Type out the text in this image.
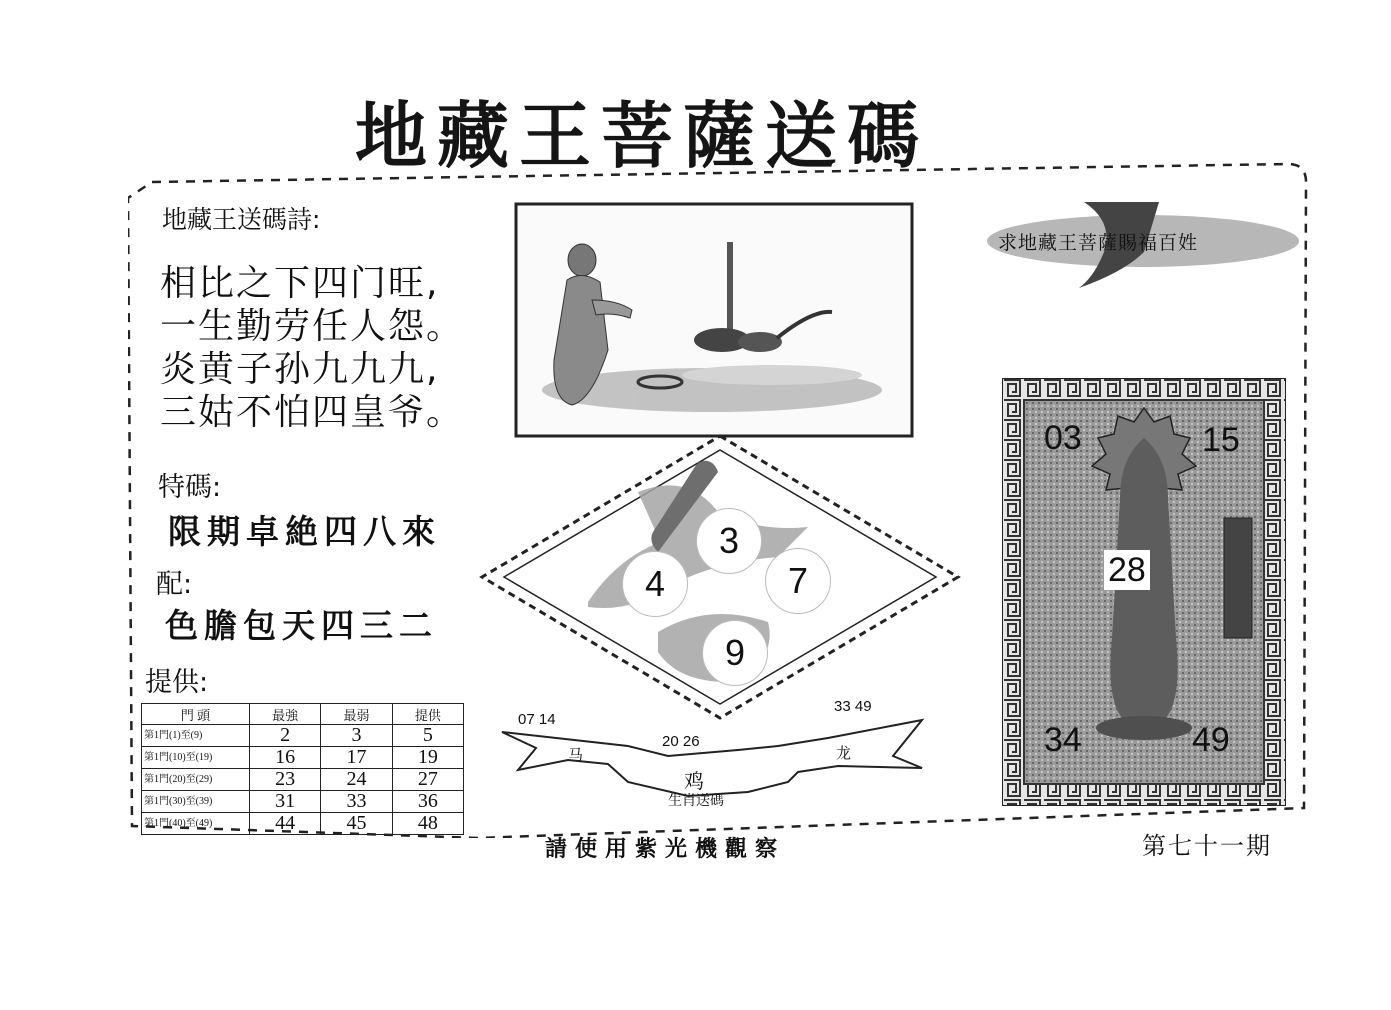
地藏王菩薩送碼
地藏王送碼詩:
相比之下四门旺,
一生勤劳任人怨。
炎黄子孙九九九,
三姑不怕四皇爷。
特碼:
限期卓絶四八來
配:
色膽包天四三二
提供:
門 頭	最強	最弱	提供
第1門(1)至(9)	2	3	5
第1門(10)至(19)	16	17	19
第1門(20)至(29)	23	24	27
第1門(30)至(39)	31	33	36
第1門(40)至(49)	44	45	48
3
4	7
9
07 14
20 26
33 49
马	龙
鸡
生肖送碼
求地藏王菩薩賜福百姓
03	15
28
34	49
請使用紫光機觀察	第七十一期
